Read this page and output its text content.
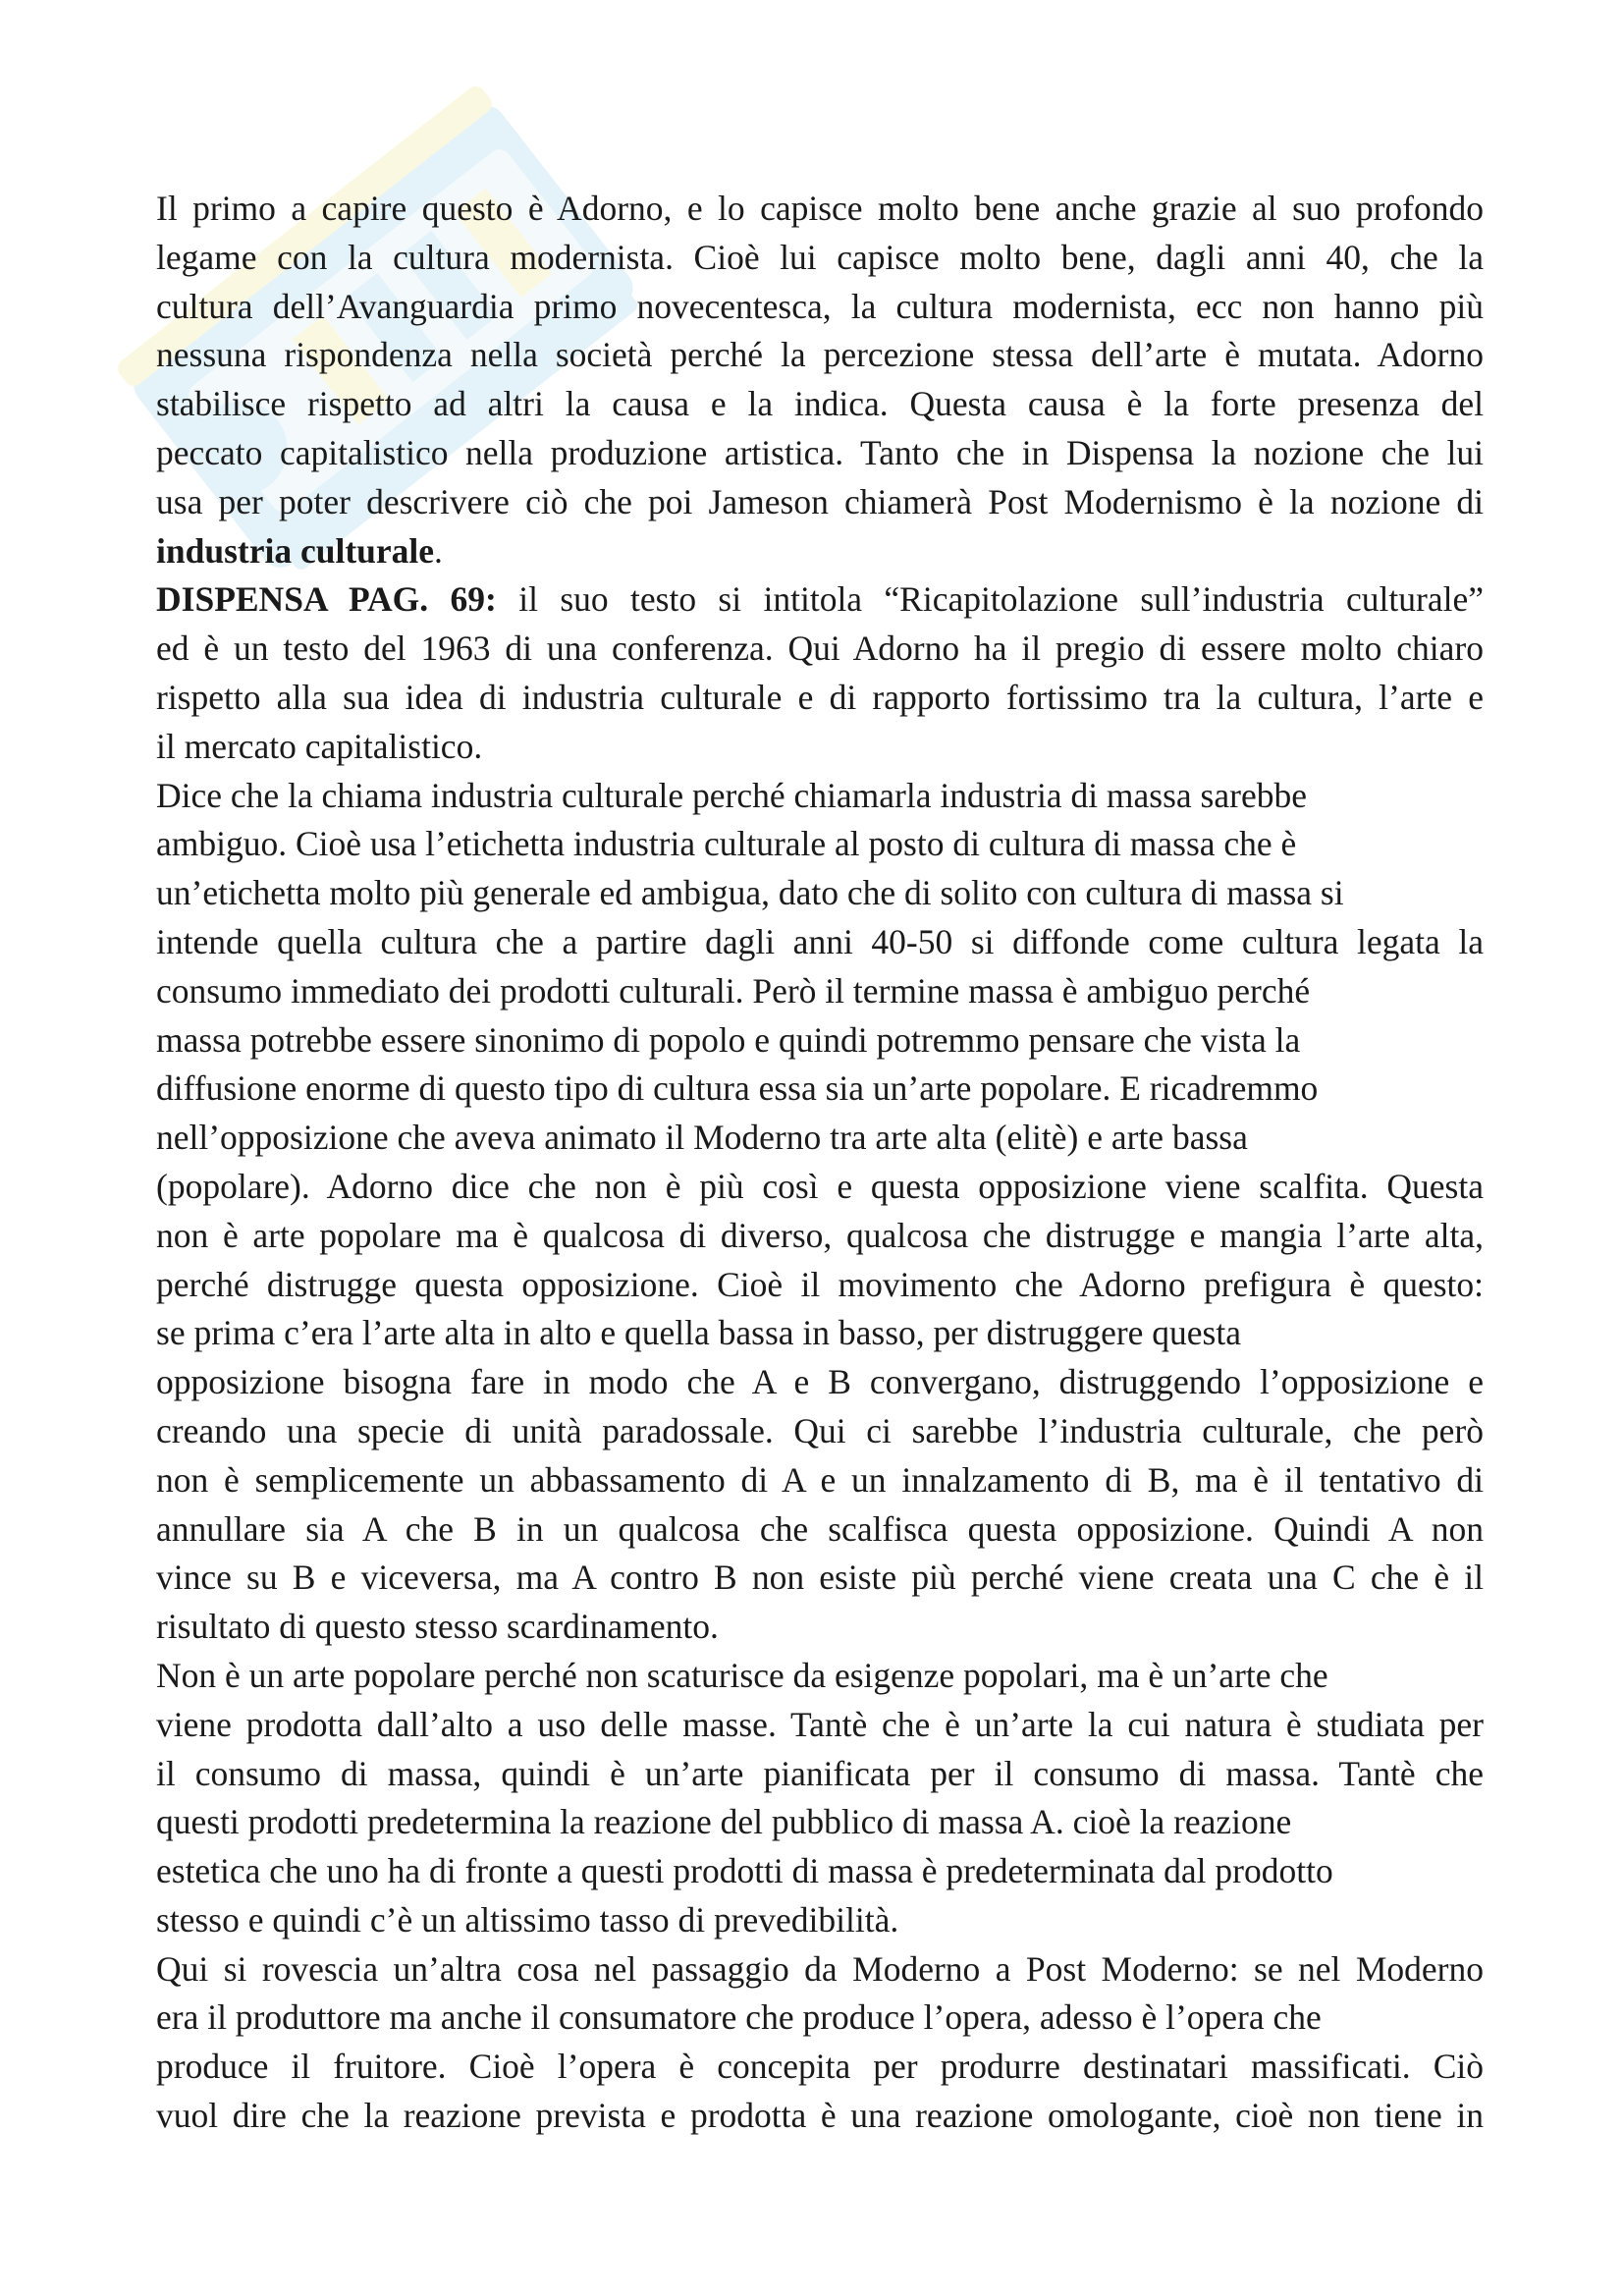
Il primo a capire questo è Adorno, e lo capisce molto bene anche grazie al suo profondo
legame con la cultura modernista. Cioè lui capisce molto bene, dagli anni 40, che la
cultura dell’Avanguardia primo novecentesca, la cultura modernista, ecc non hanno più
nessuna rispondenza nella società perché la percezione stessa dell’arte è mutata. Adorno
stabilisce rispetto ad altri la causa e la indica. Questa causa è la forte presenza del
peccato capitalistico nella produzione artistica. Tanto che in Dispensa la nozione che lui
usa per poter descrivere ciò che poi Jameson chiamerà Post Modernismo è la nozione di
industria culturale.
DISPENSA PAG. 69: il suo testo si intitola “Ricapitolazione sull’industria culturale”
ed è un testo del 1963 di una conferenza. Qui Adorno ha il pregio di essere molto chiaro
rispetto alla sua idea di industria culturale e di rapporto fortissimo tra la cultura, l’arte e
il mercato capitalistico.
Dice che la chiama industria culturale perché chiamarla industria di massa sarebbe
ambiguo. Cioè usa l’etichetta industria culturale al posto di cultura di massa che è
un’etichetta molto più generale ed ambigua, dato che di solito con cultura di massa si
intende quella cultura che a partire dagli anni 40-50 si diffonde come cultura legata la
consumo immediato dei prodotti culturali. Però il termine massa è ambiguo perché
massa potrebbe essere sinonimo di popolo e quindi potremmo pensare che vista la
diffusione enorme di questo tipo di cultura essa sia un’arte popolare. E ricadremmo
nell’opposizione che aveva animato il Moderno tra arte alta (elitè) e arte bassa
(popolare). Adorno dice che non è più così e questa opposizione viene scalfita. Questa
non è arte popolare ma è qualcosa di diverso, qualcosa che distrugge e mangia l’arte alta,
perché distrugge questa opposizione. Cioè il movimento che Adorno prefigura è questo:
se prima c’era l’arte alta in alto e quella bassa in basso, per distruggere questa
opposizione bisogna fare in modo che A e B convergano, distruggendo l’opposizione e
creando una specie di unità paradossale. Qui ci sarebbe l’industria culturale, che però
non è semplicemente un abbassamento di A e un innalzamento di B, ma è il tentativo di
annullare sia A che B in un qualcosa che scalfisca questa opposizione. Quindi A non
vince su B e viceversa, ma A contro B non esiste più perché viene creata una C che è il
risultato di questo stesso scardinamento.
Non è un arte popolare perché non scaturisce da esigenze popolari, ma è un’arte che
viene prodotta dall’alto a uso delle masse. Tantè che è un’arte la cui natura è studiata per
il consumo di massa, quindi è un’arte pianificata per il consumo di massa. Tantè che
questi prodotti predetermina la reazione del pubblico di massa A. cioè la reazione
estetica che uno ha di fronte a questi prodotti di massa è predeterminata dal prodotto
stesso e quindi c’è un altissimo tasso di prevedibilità.
Qui si rovescia un’altra cosa nel passaggio da Moderno a Post Moderno: se nel Moderno
era il produttore ma anche il consumatore che produce l’opera, adesso è l’opera che
produce il fruitore. Cioè l’opera è concepita per produrre destinatari massificati. Ciò
vuol dire che la reazione prevista e prodotta è una reazione omologante, cioè non tiene in
